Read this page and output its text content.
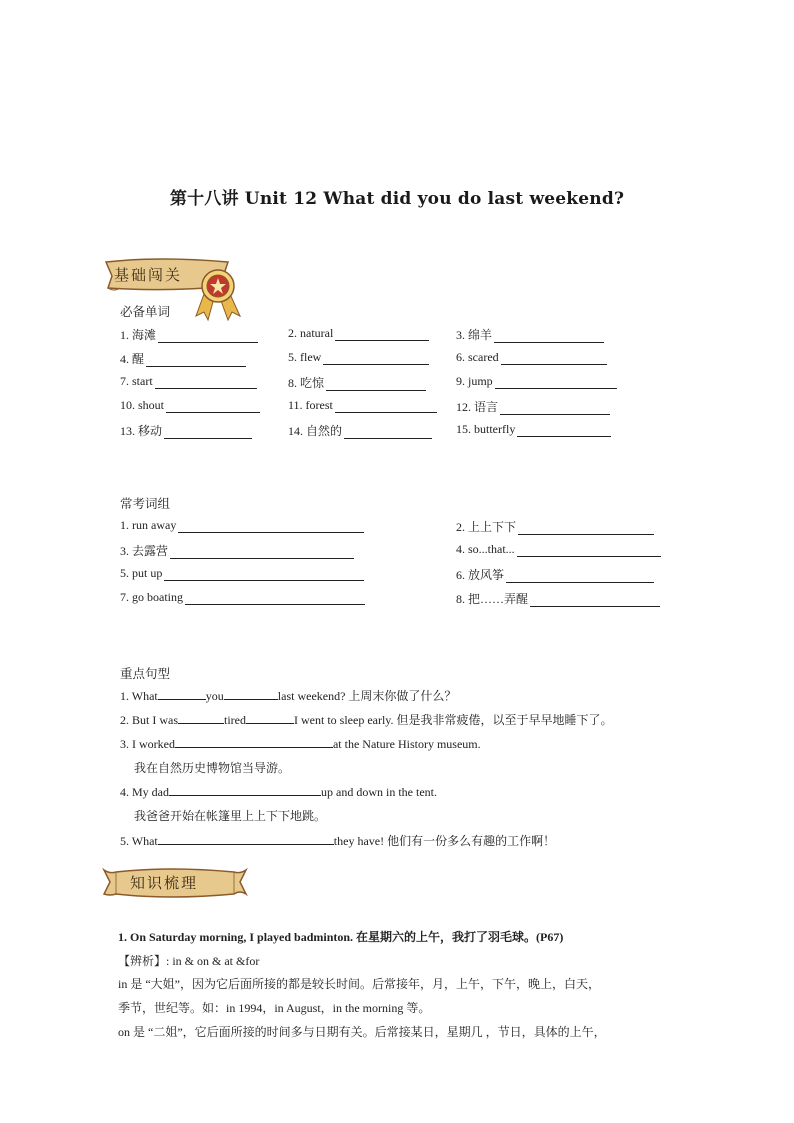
第十八讲 Unit 12 What did you do last weekend?
基础闯关
必备单词
1. 海滩	2. natural	3. 绵羊
4. 醒	5. flew	6. scared
7. start	8. 吃惊	9. jump
10. shout	11. forest	12. 语言
13. 移动	14. 自然的	15. butterfly
常考词组
1. run away	2. 上上下下
3. 去露营	4. so...that...
5. put up	6. 放风筝
7. go boating	8. 把……弄醒
重点句型
1. What	you	last weekend? 上周末你做了什么？
2. But I was	tired	I went to sleep early. 但是我非常疲倦，以至于早早地睡下了。
3. I worked	at the Nature History museum.
我在自然历史博物馆当导游。
4. My dad	up and down in the tent.
我爸爸开始在帐篷里上上下下地跳。
5. What	they have! 他们有一份多么有趣的工作啊！
知识梳理
1. On Saturday morning, I played badminton. 在星期六的上午，我打了羽毛球。(P67)
【辨析】: in & on & at &for
in 是 “大姐”，因为它后面所接的都是较长时间。后常接年，月，上午，下午，晚上，白天，
季节，世纪等。如：in 1994，in August，in the morning 等。
on 是 “二姐”，它后面所接的时间多与日期有关。后常接某日，星期几 ，节日，具体的上午，
